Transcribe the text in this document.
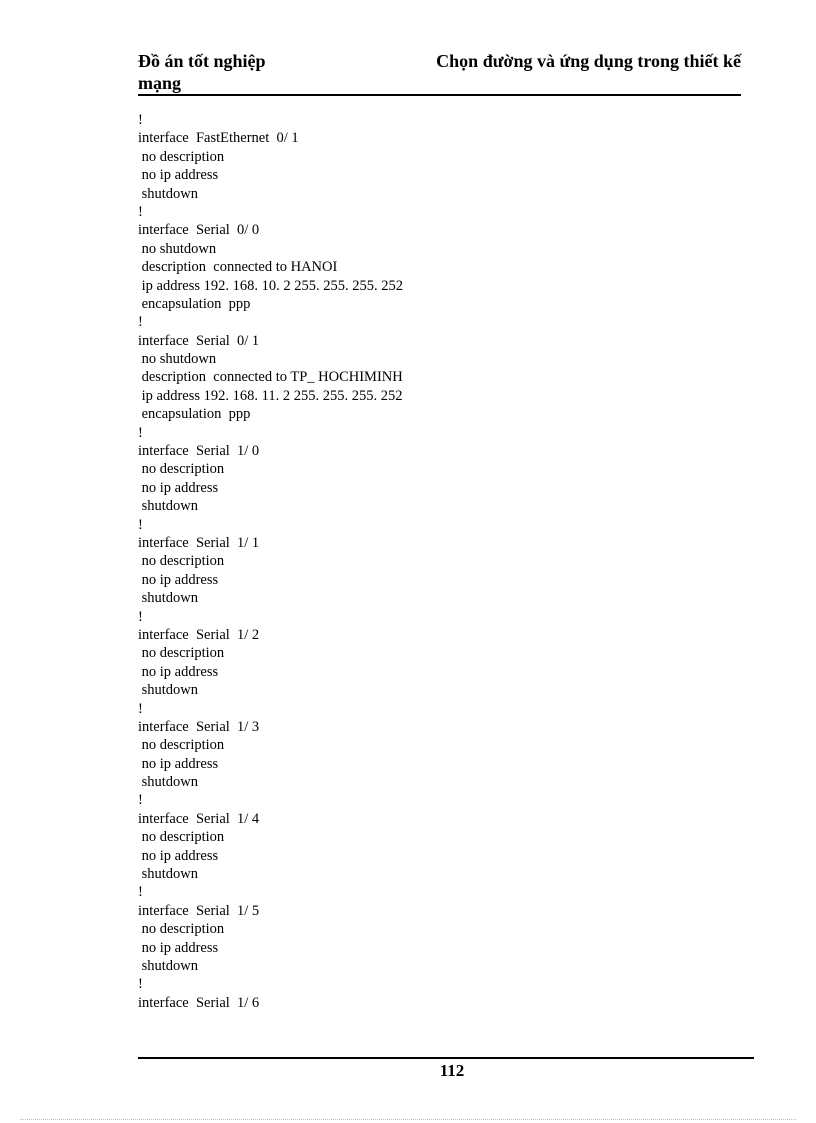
Đồ án tốt nghiệp mạng
Chọn đường và ứng dụng trong thiết kế
!
interface  FastEthernet  0/ 1
no description
no ip address
shutdown
!
interface  Serial  0/ 0
no shutdown
description  connected to HANOI
ip address 192. 168. 10. 2 255. 255. 255. 252
encapsulation  ppp
!
interface  Serial  0/ 1
no shutdown
description  connected to TP_ HOCHIMINH
ip address 192. 168. 11. 2 255. 255. 255. 252
encapsulation  ppp
!
interface  Serial  1/ 0
no description
no ip address
shutdown
!
interface  Serial  1/ 1
no description
no ip address
shutdown
!
interface  Serial  1/ 2
no description
no ip address
shutdown
!
interface  Serial  1/ 3
no description
no ip address
shutdown
!
interface  Serial  1/ 4
no description
no ip address
shutdown
!
interface  Serial  1/ 5
no description
no ip address
shutdown
!
interface  Serial  1/ 6
112
